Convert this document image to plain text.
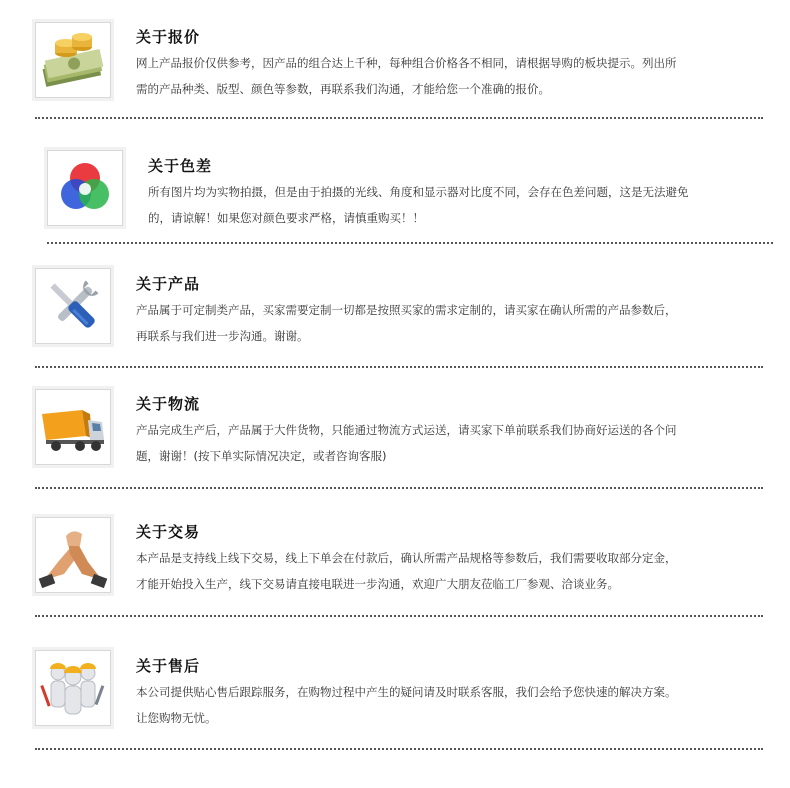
关于报价
网上产品报价仅供参考，因产品的组合达上千种，每种组合价格各不相同，请根据导购的板块提示。列出所
需的产品种类、版型、颜色等参数，再联系我们沟通，才能给您一个准确的报价。
关于色差
所有图片均为实物拍摄，但是由于拍摄的光线、角度和显示器对比度不同，会存在色差问题，这是无法避免
的，请谅解！如果您对颜色要求严格，请慎重购买！！
关于产品
产品属于可定制类产品，买家需要定制一切都是按照买家的需求定制的，请买家在确认所需的产品参数后，
再联系与我们进一步沟通。谢谢。
关于物流
产品完成生产后，产品属于大件货物，只能通过物流方式运送，请买家下单前联系我们协商好运送的各个问
题，谢谢！(按下单实际情况决定，或者咨询客服)
关于交易
本产品是支持线上线下交易，线上下单会在付款后，确认所需产品规格等参数后，我们需要收取部分定金，
才能开始投入生产，线下交易请直接电联进一步沟通，欢迎广大朋友莅临工厂参观、洽谈业务。
关于售后
本公司提供贴心售后跟踪服务，在购物过程中产生的疑问请及时联系客服，我们会给予您快速的解决方案。
让您购物无忧。
